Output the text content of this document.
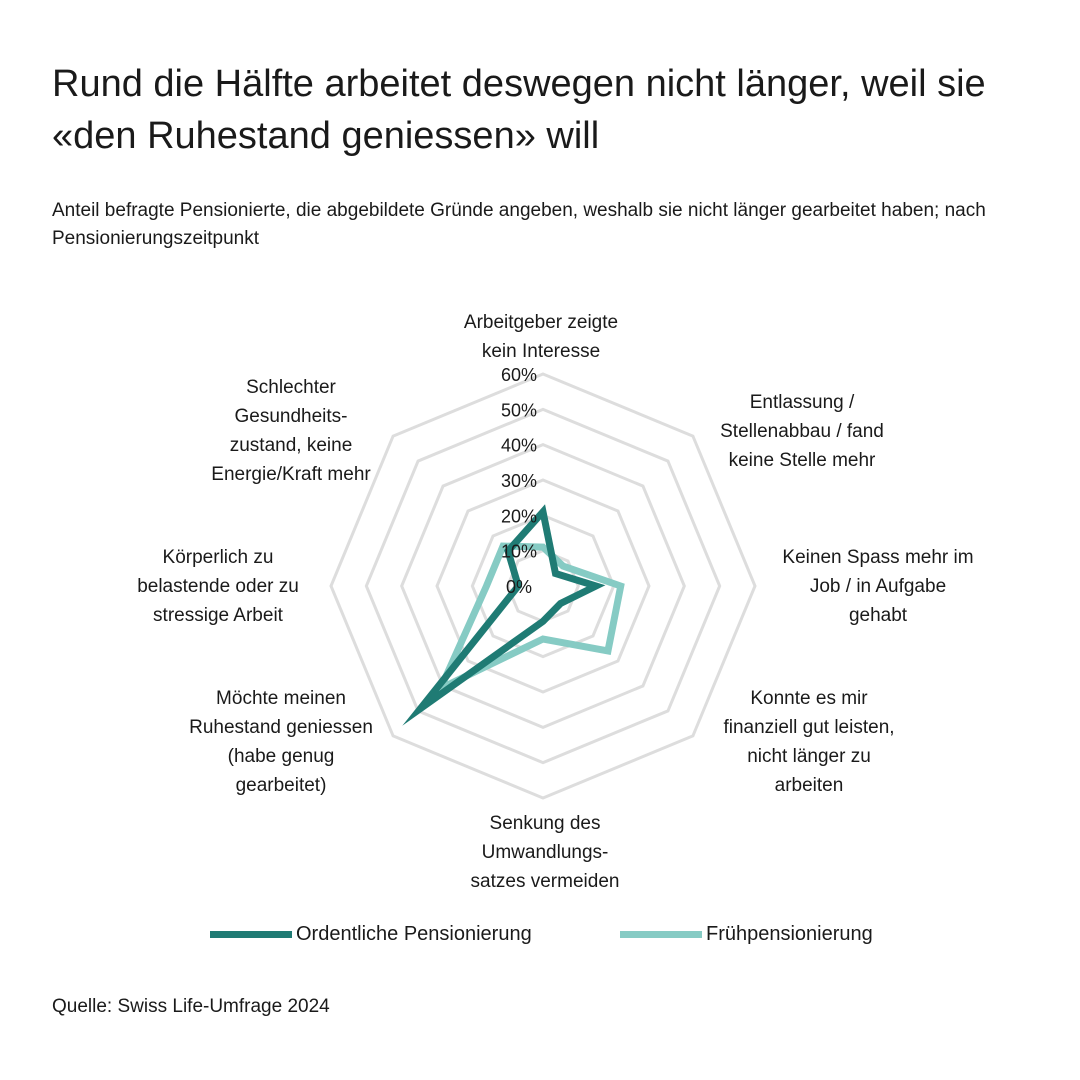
Rund die Hälfte arbeitet deswegen nicht länger, weil sie «den Ruhestand geniessen» will

Anteil befragte Pensionierte, die abgebildete Gründe angeben, weshalb sie nicht länger gearbeitet haben; nach Pensionierungszeitpunkt

0%
10%
20%
30%
40%
50%
60%
Arbeitgeber zeigte kein Interesse
Entlassung / Stellenabbau / fand keine Stelle mehr
Keinen Spass mehr im Job / in Aufgabe gehabt
Konnte es mir finanziell gut leisten, nicht länger zu arbeiten
Senkung des Umwandlungs-satzes vermeiden
Möchte meinen Ruhestand geniessen (habe genug gearbeitet)
Körperlich zu belastende oder zu stressige Arbeit
Schlechter Gesundheits-zustand, keine Energie/Kraft mehr
Ordentliche Pensionierung	Frühpensionierung

Quelle: Swiss Life-Umfrage 2024
